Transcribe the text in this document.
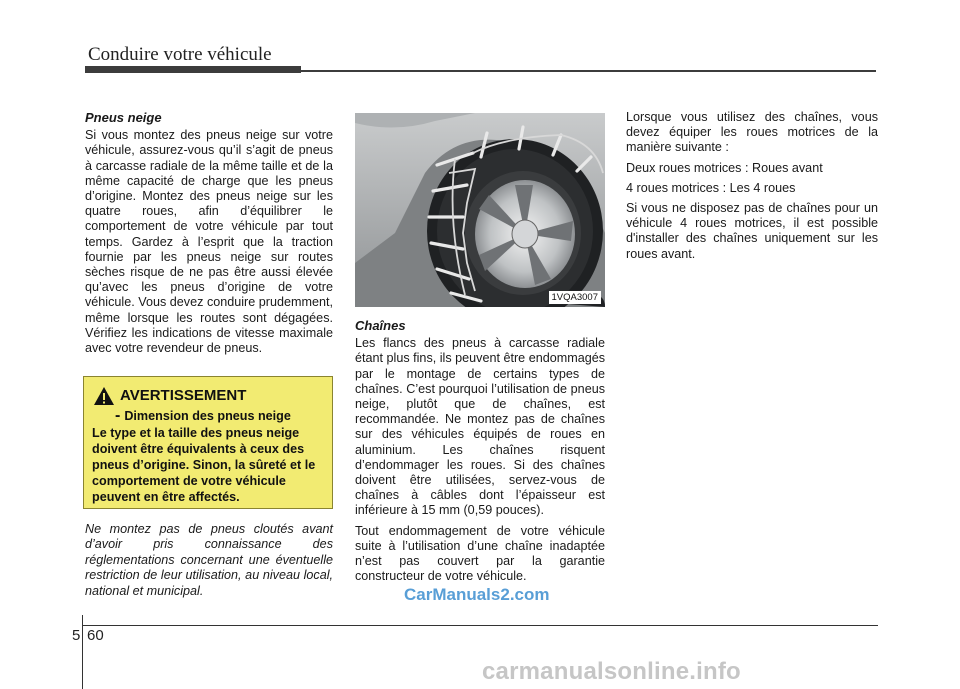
Conduire votre véhicule
Pneus neige

Si vous montez des pneus neige sur votre véhicule, assurez-vous qu’il s’agit de pneus à carcasse radiale de la même taille et de la même capacité de charge que les pneus d’origine. Montez des pneus neige sur les quatre roues, afin d’équilibrer le comportement de votre véhicule par tout temps. Gardez à l’esprit que la traction fournie par les pneus neige sur routes sèches risque de ne pas être aussi élevée qu’avec les pneus d’origine de votre véhicule. Vous devez conduire prudemment, même lorsque les routes sont dégagées. Vérifiez les indications de vitesse maximale avec votre revendeur de pneus.

AVERTISSEMENT
- Dimension des pneus neige
Le type et la taille des pneus neige doivent être équivalents à ceux des pneus d’origine. Sinon, la sûreté et le comportement de votre véhicule peuvent en être affectés.
Ne montez pas de pneus cloutés avant d’avoir pris connaissance des réglementations concernant une éventuelle restriction de leur utilisation, au niveau local, national et municipal.
1VQA3007
Chaînes

Les flancs des pneus à carcasse radiale étant plus fins, ils peuvent être endommagés par le montage de certains types de chaînes. C’est pourquoi l’utilisation de pneus neige, plutôt que de chaînes, est recommandée. Ne montez pas de chaînes sur des véhicules équipés de roues en aluminium. Les chaînes risquent d’endommager les roues. Si des chaînes doivent être utilisées, servez-vous de chaînes à câbles dont l’épaisseur est inférieure à 15 mm (0,59 pouces).

Tout endommagement de votre véhicule suite à l’utilisation d’une chaîne inadaptée n’est pas couvert par la garantie constructeur de votre véhicule.

Lorsque vous utilisez des chaînes, vous devez équiper les roues motrices de la manière suivante :

Deux roues motrices : Roues avant

4 roues motrices : Les 4 roues

Si vous ne disposez pas de chaînes pour un véhicule 4 roues motrices, il est possible d'installer des chaînes uniquement sur les roues avant.

5 60
CarManuals2.com
carmanualsonline.info
